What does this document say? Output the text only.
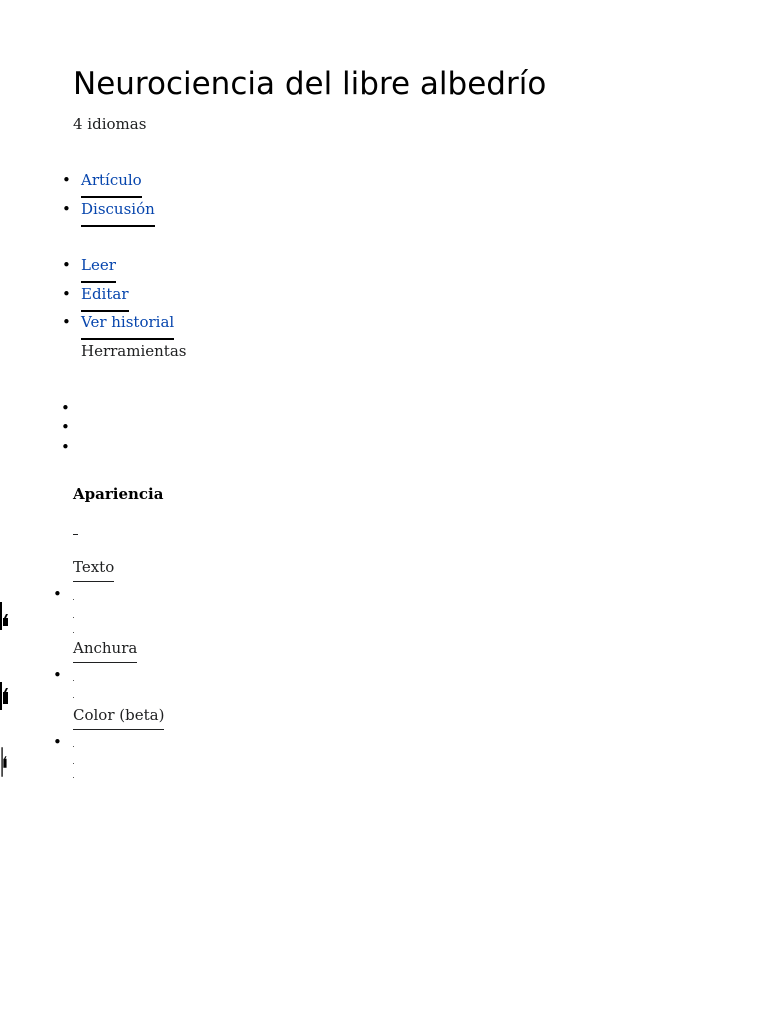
Neurociencia del libre albedrío
4 idiomas
• Artículo
• Discusión
• Leer
• Editar
• Ver historial
Herramientas
•
•
•
Apariencia
Texto
•
Anchura
•
Color (beta)
•
